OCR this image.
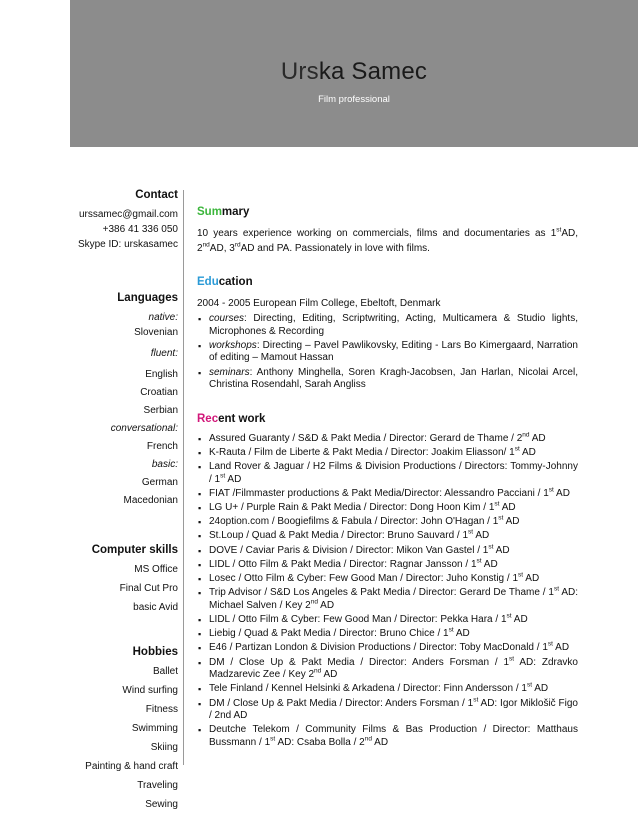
Urska Samec
Film professional
Contact
urssamec@gmail.com
+386 41 336 050
Skype ID: urskasamec
Languages
native:
Slovenian
fluent:
English
Croatian
Serbian
conversational:
French
basic:
German
Macedonian
Computer skills
MS Office
Final Cut Pro
basic Avid
Hobbies
Ballet
Wind surfing
Fitness
Swimming
Skiing
Painting & hand craft
Traveling
Sewing
Summary
10 years experience working on commercials, films and documentaries as 1stAD, 2ndAD, 3rdAD and PA. Passionately in love with films.
Education
2004 - 2005 European Film College, Ebeltoft, Denmark
▪ courses: Directing, Editing, Scriptwriting, Acting, Multicamera & Studio lights, Microphones & Recording
▪ workshops: Directing – Pavel Pawlikovsky, Editing - Lars Bo Kimergaard, Narration of editing – Mamout Hassan
▪ seminars: Anthony Minghella, Soren Kragh-Jacobsen, Jan Harlan, Nicolai Arcel, Christina Rosendahl, Sarah Angliss
Recent work
▪ Assured Guaranty / S&D & Pakt Media / Director: Gerard de Thame / 2nd AD
▪ K-Rauta / Film de Liberte & Pakt Media / Director: Joakim Eliasson/ 1st AD
▪ Land Rover & Jaguar / H2 Films & Division Productions / Directors: Tommy-Johnny / 1st AD
▪ FIAT /Filmmaster productions & Pakt Media/Director: Alessandro Pacciani / 1st AD
▪ LG U+ / Purple Rain & Pakt Media / Director: Dong Hoon Kim / 1st AD
▪ 24option.com / Boogiefilms & Fabula / Director: John O'Hagan / 1st AD
▪ St.Loup / Quad & Pakt Media / Director: Bruno Sauvard / 1st AD
▪ DOVE / Caviar Paris & Division / Director: Mikon Van Gastel / 1st AD
▪ LIDL / Otto Film & Pakt Media / Director: Ragnar Jansson / 1st AD
▪ Losec / Otto Film & Cyber: Few Good Man / Director: Juho Konstig / 1st AD
▪ Trip Advisor / S&D Los Angeles & Pakt Media / Director: Gerard De Thame / 1st AD: Michael Salven / Key 2nd AD
▪ LIDL / Otto Film & Cyber: Few Good Man / Director: Pekka Hara / 1st AD
▪ Liebig / Quad & Pakt Media / Director: Bruno Chice / 1st AD
▪ E46 / Partizan London & Division Productions / Director: Toby MacDonald / 1st AD
▪ DM / Close Up & Pakt Media / Director: Anders Forsman / 1st AD: Zdravko Madzarevic Zee / Key 2nd AD
▪ Tele Finland / Kennel Helsinki & Arkadena / Director: Finn Andersson / 1st AD
▪ DM / Close Up & Pakt Media / Director: Anders Forsman / 1st AD: Igor Miklošič Figo / 2nd AD
▪ Deutche Telekom / Community Films & Bas Production / Director: Matthaus Bussmann / 1st AD: Csaba Bolla / 2nd AD
